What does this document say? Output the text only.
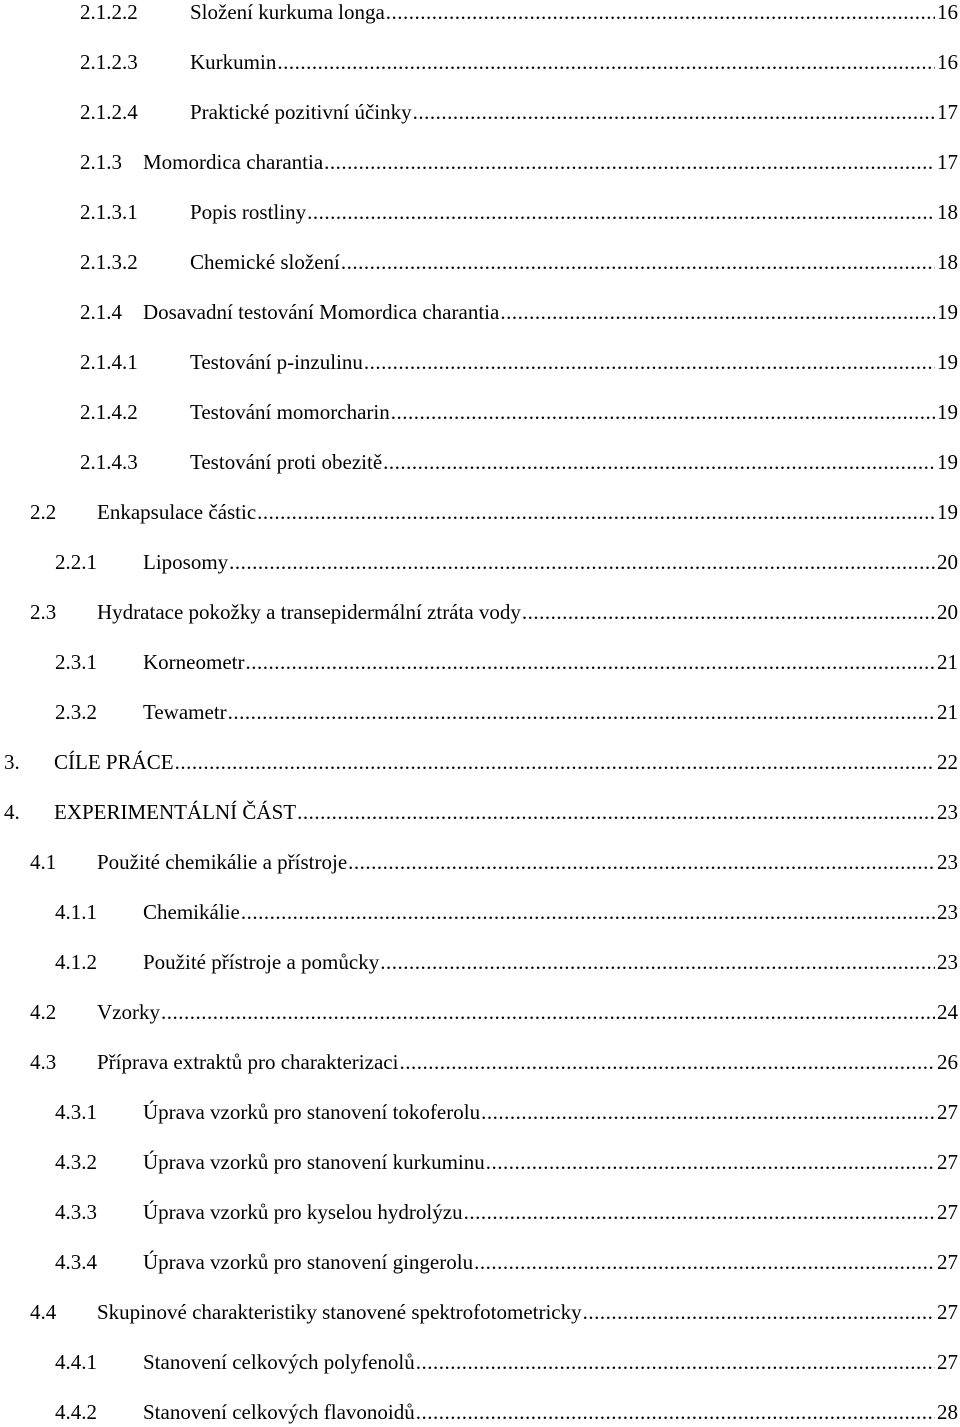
2.1.2.2 Složení kurkuma longa .....	16
2.1.2.3 Kurkumin .....	16
2.1.2.4 Praktické pozitivní účinky .....	17
2.1.3 Momordica charantia .....	17
2.1.3.1 Popis rostliny .....	18
2.1.3.2 Chemické složení .....	18
2.1.4 Dosavadní testování Momordica charantia .....	19
2.1.4.1 Testování p-inzulinu .....	19
2.1.4.2 Testování momorcharin .....	19
2.1.4.3 Testování proti obezitě .....	19
2.2 Enkapsulace částic .....	19
2.2.1 Liposomy .....	20
2.3 Hydratace pokožky a transepidermální ztráta vody .....	20
2.3.1 Korneometr .....	21
2.3.2 Tewametr .....	21
3. CÍLE PRÁCE .....	22
4. EXPERIMENTÁLNÍ ČÁST .....	23
4.1 Použité chemikálie a přístroje .....	23
4.1.1 Chemikálie .....	23
4.1.2 Použité přístroje a pomůcky .....	23
4.2 Vzorky .....	24
4.3 Příprava extraktů pro charakterizaci .....	26
4.3.1 Úprava vzorků pro stanovení tokoferolu .....	27
4.3.2 Úprava vzorků pro stanovení kurkuminu .....	27
4.3.3 Úprava vzorků pro kyselou hydrolýzu .....	27
4.3.4 Úprava vzorků pro stanovení gingerolu .....	27
4.4 Skupinové charakteristiky stanovené spektrofotometricky .....	27
4.4.1 Stanovení celkových polyfenolů .....	27
4.4.2 Stanovení celkových flavonoidů .....	28
